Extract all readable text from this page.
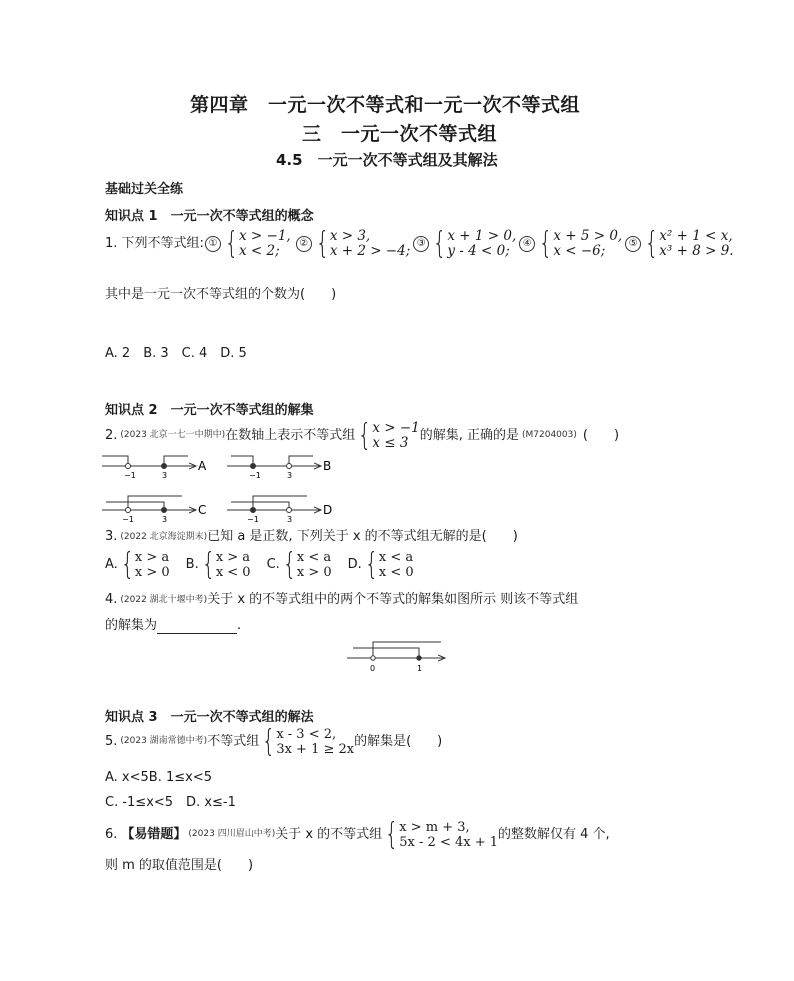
第四章　一元一次不等式和一元一次不等式组
三　一元一次不等式组
4.5　一元一次不等式组及其解法
基础过关全练
知识点 1　一元一次不等式组的概念
1. 下列不等式组: ① { x > −1,
x < 2;	② { x > 3,
x + 2 > −4; ③ { x + 1 > 0,
y - 4 < 0;	④ { x + 5 > 0,
x < −6;	⑤ { x² + 1 < x,
x³ + 8 > 9.
其中是一元一次不等式组的个数为(　　)
A. 2　B. 3　C. 4　D. 5
知识点 2　一元一次不等式组的解集
2. (2023 北京一七一中期中) 在数轴上表示不等式组 { x > −1
x ≤ 3 的解集, 正确的是 (M7204003) (　　)
−1	3
A
−1	3
B
−1	3
C
−1	3
D
3. (2022 北京海淀期末) 已知 a 是正数, 下列关于 x 的不等式组无解的是(　　)
A. { x > a
x > 0
B. { x > a
x < 0
C. { x < a
x > 0
D. { x < a
x < 0
4. (2022 湖北十堰中考) 关于 x 的不等式组中的两个不等式的解集如图所示 则该不等式组
的解集为	.
0	1
知识点 3　一元一次不等式组的解法
5. (2023 湖南常德中考) 不等式组 { x - 3 < 2,
3x + 1 ≥ 2x
的解集是(　　)
A. x<5B. 1≤x<5
C. -1≤x<5　D. x≤-1
6. 【易错题】 (2023 四川眉山中考) 关于 x 的不等式组 { x > m + 3,
5x - 2 < 4x + 1
的整数解仅有 4 个,
则 m 的取值范围是(　　)
